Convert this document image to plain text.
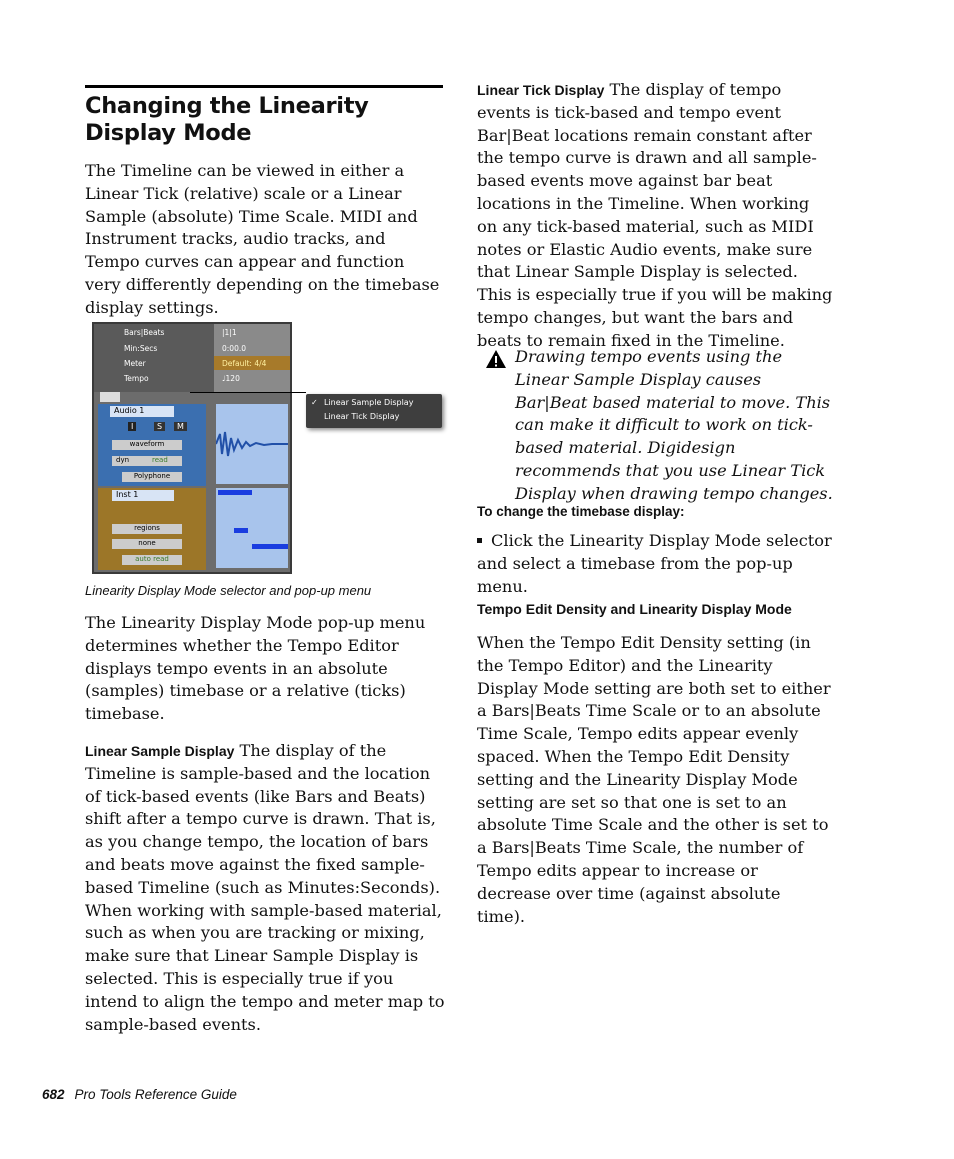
Changing the Linearity Display Mode

The Timeline can be viewed in either a Linear Tick (relative) scale or a Linear Sample (absolute) Time Scale. MIDI and Instrument tracks, audio tracks, and Tempo curves can appear and function very differently depending on the timebase display settings.

Bars|Beats	|1|1
Min:Secs	0:00.0
Meter	Default: 4/4
Tempo	♩120
Audio 1
I	S	M
waveform
dyn	read
Polyphone
Inst 1
regions
none
auto read
✓ Linear Sample Display
Linear Tick Display
Linearity Display Mode selector and pop-up menu

The Linearity Display Mode pop-up menu determines whether the Tempo Editor displays tempo events in an absolute (samples) timebase or a relative (ticks) timebase.

Linear Sample Display The display of the Timeline is sample-based and the location of tick-based events (like Bars and Beats) shift after a tempo curve is drawn. That is, as you change tempo, the location of bars and beats move against the fixed sample-based Timeline (such as Minutes:Seconds). When working with sample-based material, such as when you are tracking or mixing, make sure that Linear Sample Display is selected. This is especially true if you intend to align the tempo and meter map to sample-based events.

Linear Tick Display The display of tempo events is tick-based and tempo event Bar|Beat locations remain constant after the tempo curve is drawn and all sample-based events move against bar beat locations in the Timeline. When working on any tick-based material, such as MIDI notes or Elastic Audio events, make sure that Linear Sample Display is selected. This is especially true if you will be making tempo changes, but want the bars and beats to remain fixed in the Timeline.

Drawing tempo events using the Linear Sample Display causes Bar|Beat based material to move. This can make it difficult to work on tick-based material. Digidesign recommends that you use Linear Tick Display when drawing tempo changes.

To change the timebase display:

Click the Linearity Display Mode selector and select a timebase from the pop-up menu.

Tempo Edit Density and Linearity Display Mode

When the Tempo Edit Density setting (in the Tempo Editor) and the Linearity Display Mode setting are both set to either a Bars|Beats Time Scale or to an absolute Time Scale, Tempo edits appear evenly spaced. When the Tempo Edit Density setting and the Linearity Display Mode setting are set so that one is set to an absolute Time Scale and the other is set to a Bars|Beats Time Scale, the number of Tempo edits appear to increase or decrease over time (against absolute time).

682 Pro Tools Reference Guide
